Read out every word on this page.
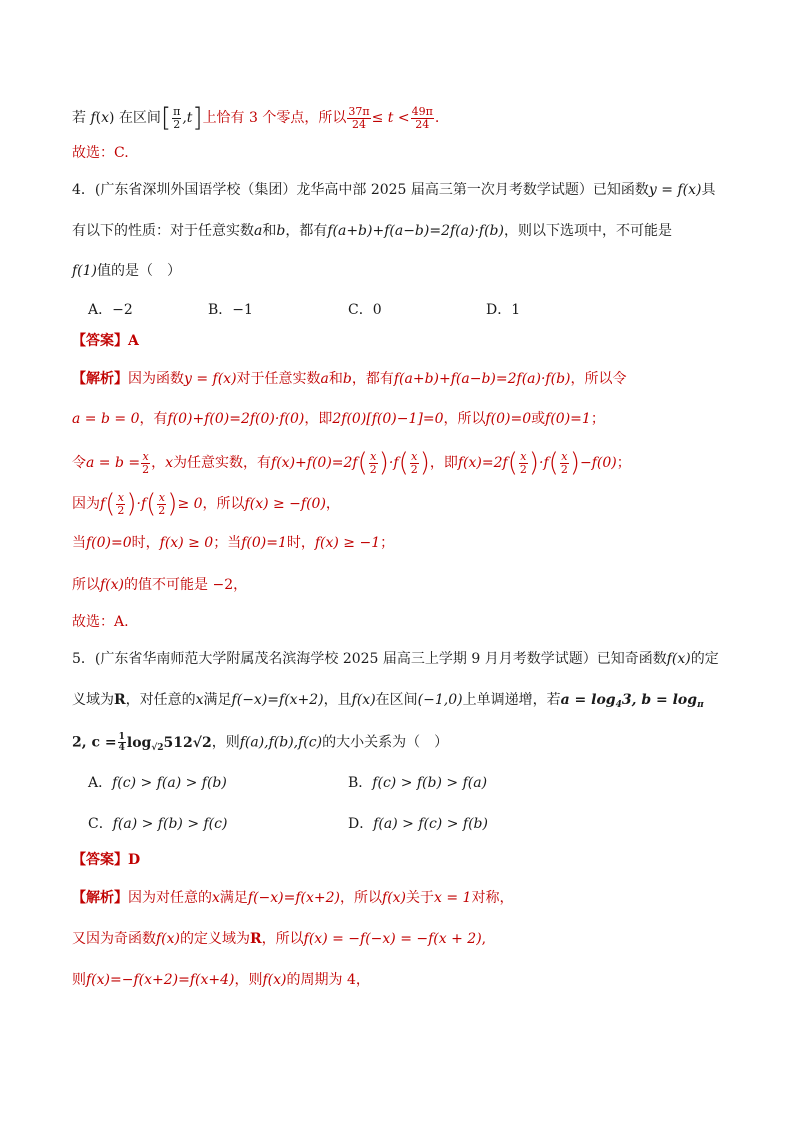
若 f(x) 在区间[ $\frac{\pi}{2} ,t$]上恰有 3 个零点，所以 $\frac{37\pi}{24} \le t < \frac{49\pi}{24}$ .
故选：C.
4．(广东省深圳外国语学校（集团）龙华高中部 2025 届高三第一次月考数学试题）已知函数y = f(x)具
有以下的性质：对于任意实数a和b，都有f(a+b)+f(a−b)=2f(a)·f(b)，则以下选项中，不可能是
f(1)值的是（　）
A．−2	B．−1	C．0	D．1
【答案】A
【解析】因为函数y = f(x)对于任意实数a和b，都有f(a+b)+f(a−b)=2f(a)·f(b)，所以令
a = b = 0，有f(0)+f(0)=2f(0)·f(0)，即2f(0)[f(0)−1]=0，所以f(0)=0或f(0)=1；
令$a = b = \frac{x}{2}$ ，x为任意实数，有$f(x)+f(0)=2f( \frac{x}{2} )\cdot f( \frac{x}{2}$ )，即$f(x)=2f( \frac{x}{2} )\cdot f( \frac{x}{2} )-f(0)$；
因为$f( \frac{x}{2} )\cdot f( \frac{x}{2}$ )≥ 0，所以f(x) ≥ −f(0)，
当f(0)=0时，f(x) ≥ 0；当f(0)=1时，f(x) ≥ −1；
所以f(x)的值不可能是 −2，
故选：A.
5．(广东省华南师范大学附属茂名滨海学校 2025 届高三上学期 9 月月考数学试题）已知奇函数f(x)的定
义域为R，对任意的x满足f(−x)=f(x+2)，且f(x)在区间(−1,0)上单调递增，若$a = \log_43$, $b = \log_\pi$
2, $c = \frac{1}{4} \log_{√2}512√2$，则f(a),f(b),f(c)的大小关系为（　）
A．f(c) > f(a) > f(b)	B．f(c) > f(b) > f(a)
C．f(a) > f(b) > f(c)	D．f(a) > f(c) > f(b)
【答案】D
【解析】因为对任意的x满足f(−x)=f(x+2)，所以f(x)关于x = 1对称，
又因为奇函数f(x)的定义域为R，所以f(x) = −f(−x) = −f(x + 2),
则f(x)=−f(x+2)=f(x+4)，则f(x)的周期为 4，
